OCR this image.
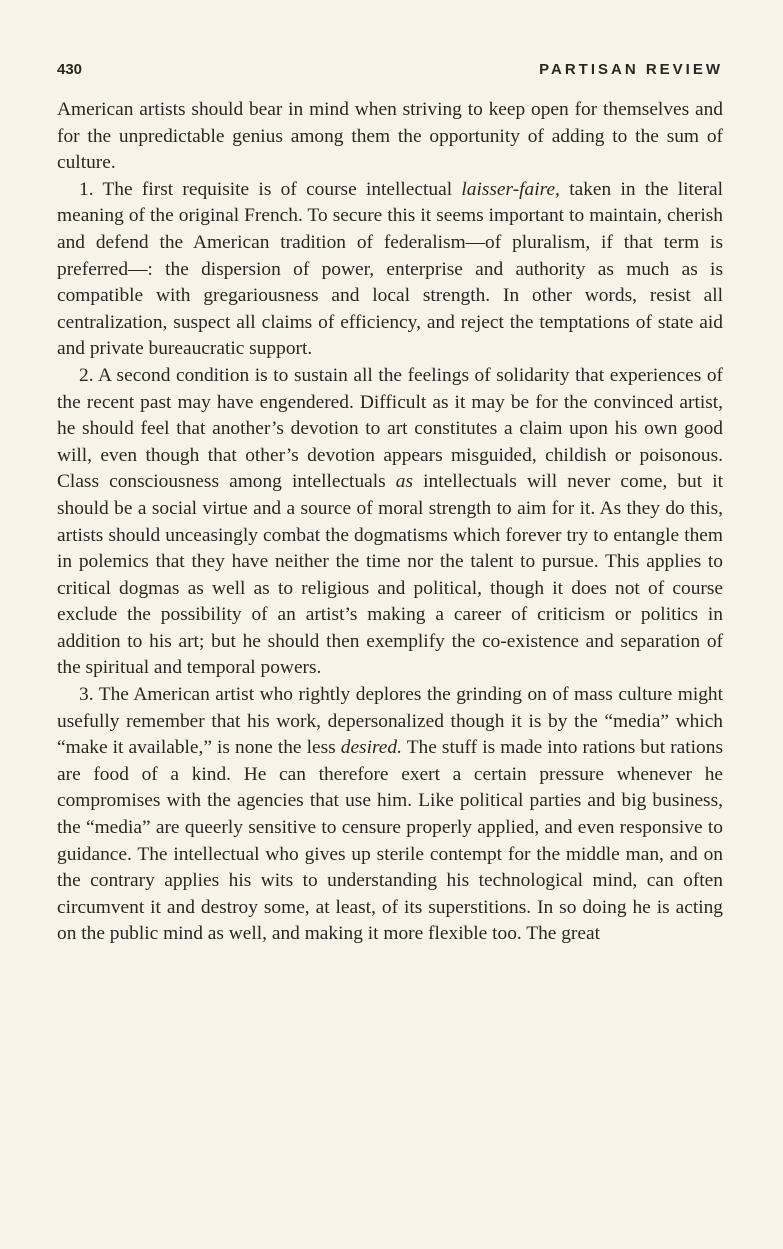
430	PARTISAN REVIEW

American artists should bear in mind when striving to keep open for themselves and for the unpredictable genius among them the opportunity of adding to the sum of culture.

1. The first requisite is of course intellectual laisser-faire, taken in the literal meaning of the original French. To secure this it seems important to maintain, cherish and defend the American tradition of federalism—of pluralism, if that term is preferred—: the dispersion of power, enterprise and authority as much as is compatible with gregariousness and local strength. In other words, resist all centralization, suspect all claims of efficiency, and reject the temptations of state aid and private bureaucratic support.

2. A second condition is to sustain all the feelings of solidarity that experiences of the recent past may have engendered. Difficult as it may be for the convinced artist, he should feel that another’s devotion to art constitutes a claim upon his own good will, even though that other’s devotion appears misguided, childish or poisonous. Class consciousness among intellectuals as intellectuals will never come, but it should be a social virtue and a source of moral strength to aim for it. As they do this, artists should unceasingly combat the dogmatisms which forever try to entangle them in polemics that they have neither the time nor the talent to pursue. This applies to critical dogmas as well as to religious and political, though it does not of course exclude the possibility of an artist’s making a career of criticism or politics in addition to his art; but he should then exemplify the co-existence and separation of the spiritual and temporal powers.

3. The American artist who rightly deplores the grinding on of mass culture might usefully remember that his work, depersonalized though it is by the “media” which “make it available,” is none the less desired. The stuff is made into rations but rations are food of a kind. He can therefore exert a certain pressure whenever he compromises with the agencies that use him. Like political parties and big business, the “media” are queerly sensitive to censure properly applied, and even responsive to guidance. The intellectual who gives up sterile contempt for the middle man, and on the contrary applies his wits to understanding his technological mind, can often circumvent it and destroy some, at least, of its superstitions. In so doing he is acting on the public mind as well, and making it more flexible too. The great
